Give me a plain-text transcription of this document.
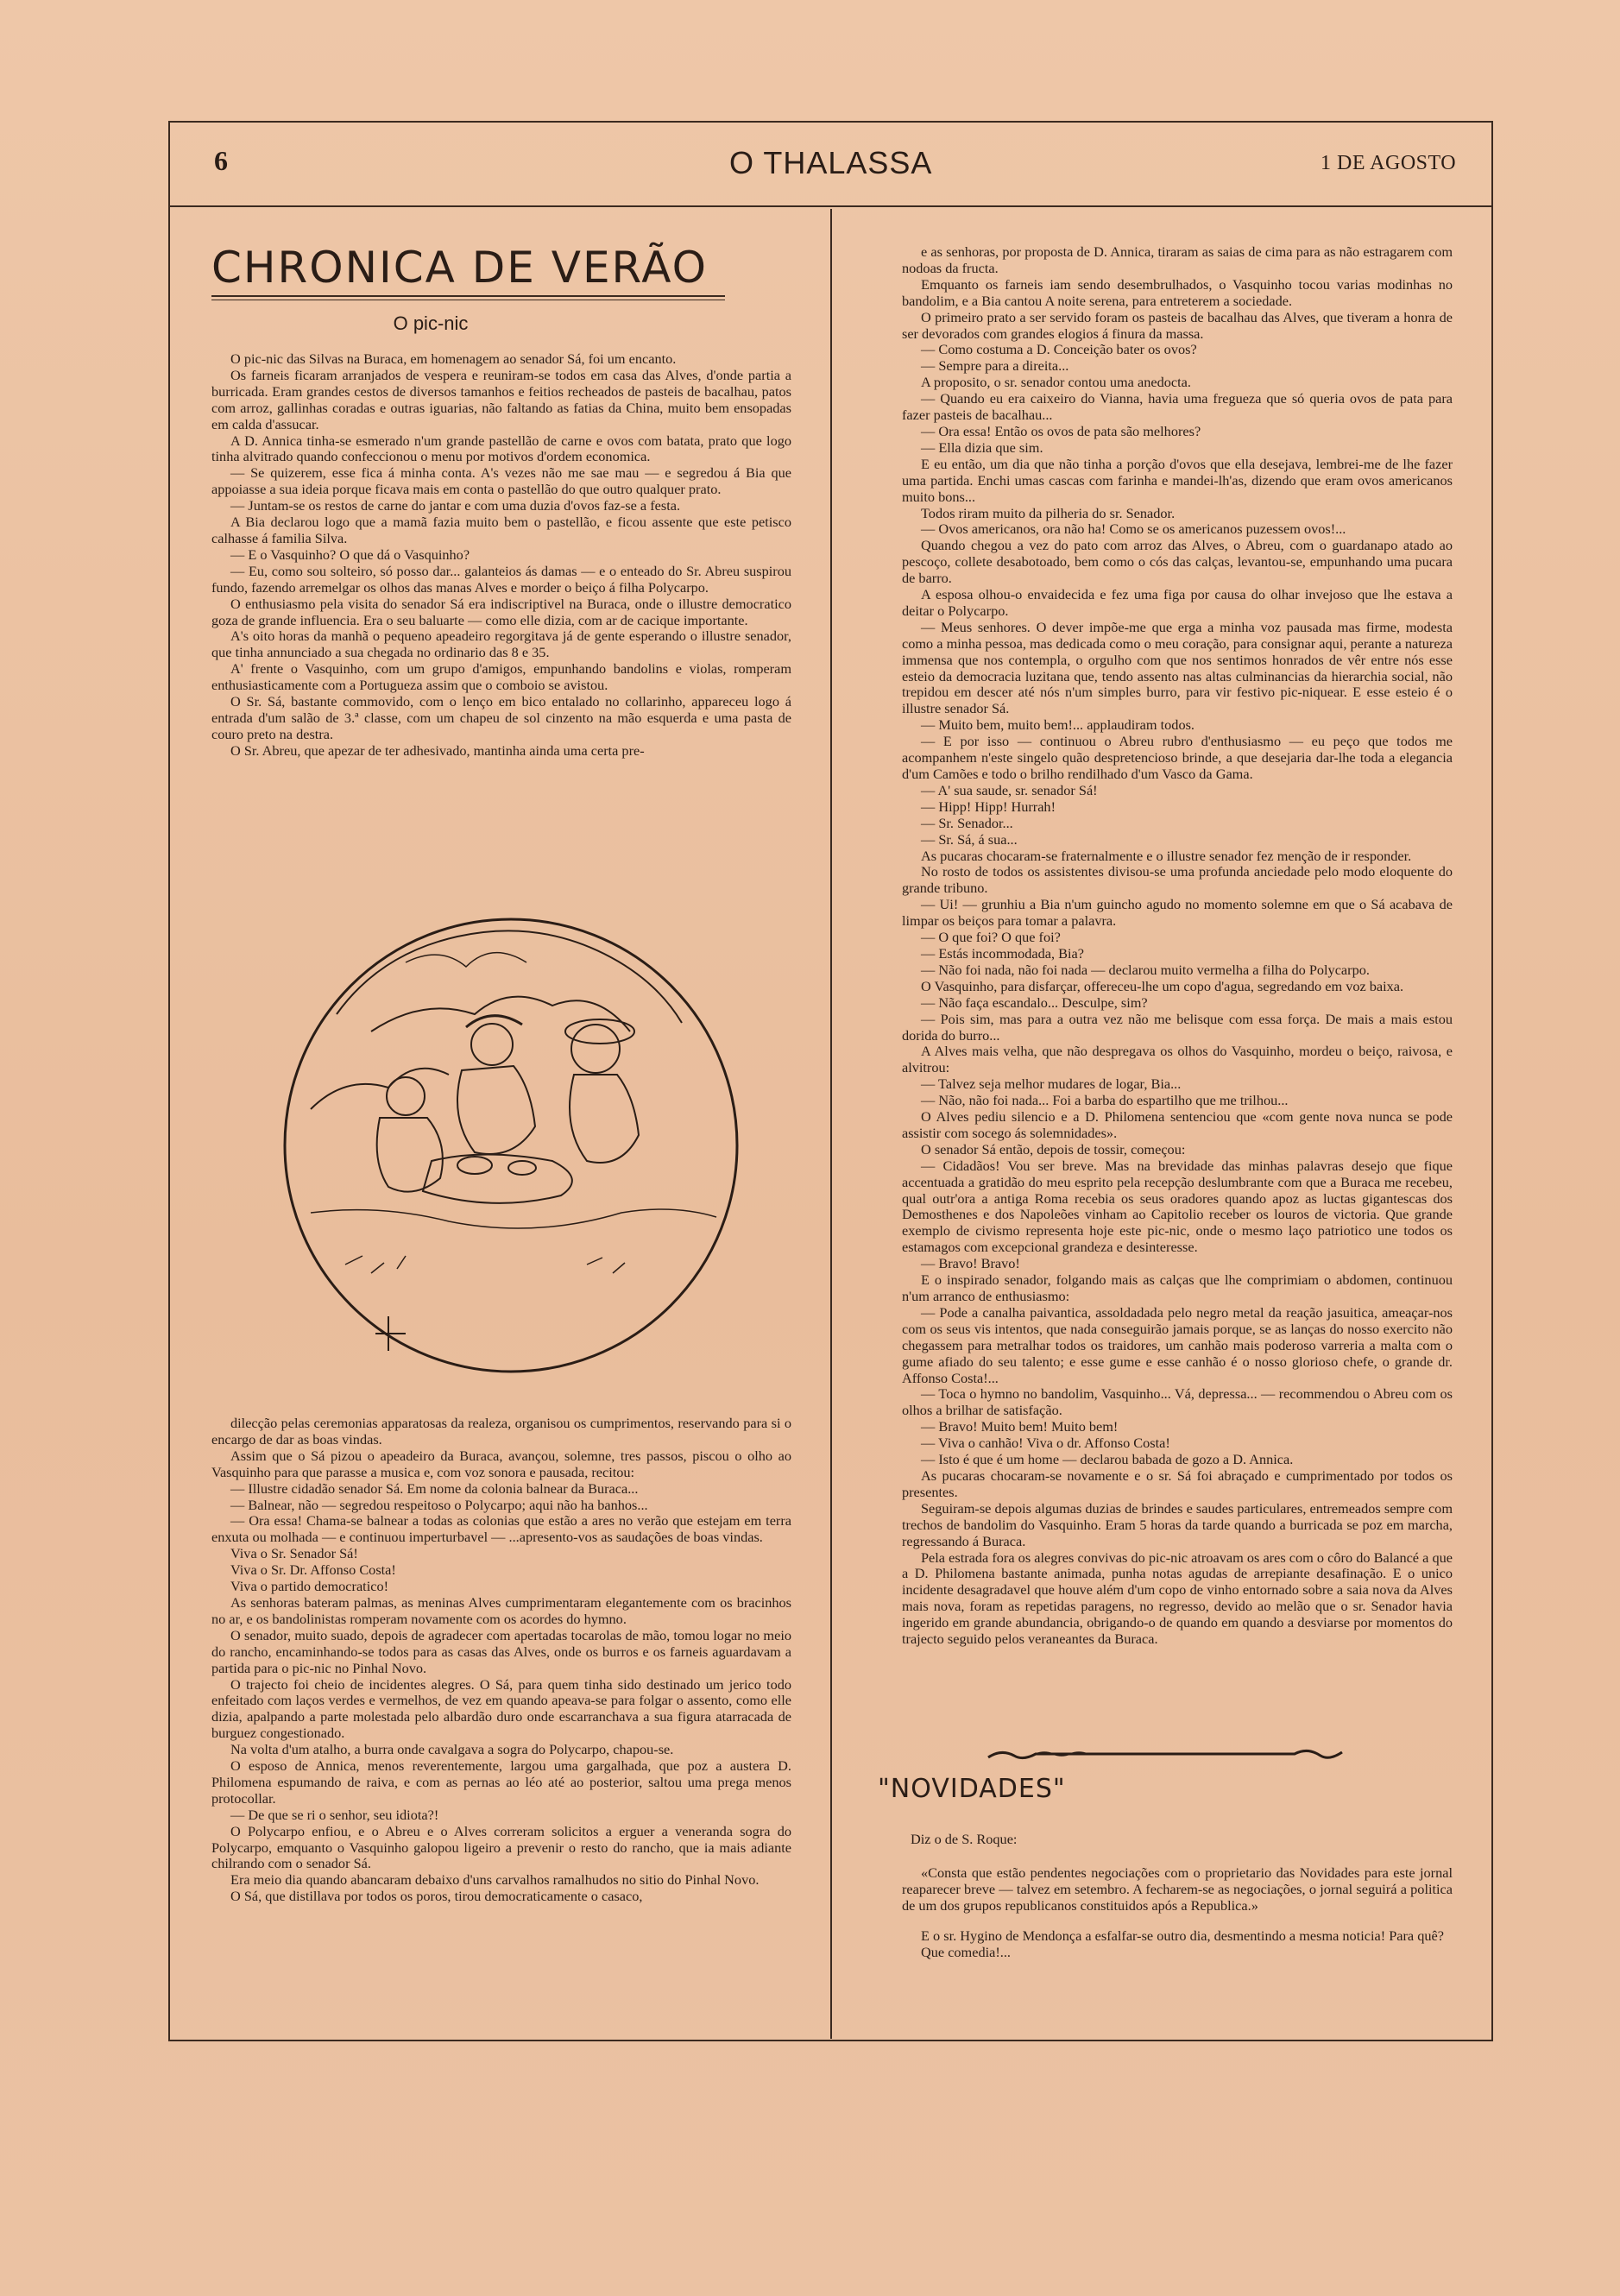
6	O THALASSA	1 DE AGOSTO
CHRONICA DE VERÃO
O pic-nic

O pic-nic das Silvas na Buraca, em homenagem ao senador Sá, foi um encanto.

Os farneis ficaram arranjados de vespera e reuniram-se todos em casa das Alves, d'onde partia a burricada. Eram grandes cestos de diversos tamanhos e feitios recheados de pasteis de bacalhau, patos com arroz, gallinhas coradas e outras iguarias, não faltando as fatias da China, muito bem ensopadas em calda d'assucar.

A D. Annica tinha-se esmerado n'um grande pastellão de carne e ovos com batata, prato que logo tinha alvitrado quando confeccionou o menu por motivos d'ordem economica.

— Se quizerem, esse fica á minha conta. A's vezes não me sae mau — e segredou á Bia que appoiasse a sua ideia porque ficava mais em conta o pastellão do que outro qualquer prato.

— Juntam-se os restos de carne do jantar e com uma duzia d'ovos faz-se a festa.

A Bia declarou logo que a mamã fazia muito bem o pastellão, e ficou assente que este petisco calhasse á familia Silva.

— E o Vasquinho? O que dá o Vasquinho?

— Eu, como sou solteiro, só posso dar... galanteios ás damas — e o enteado do Sr. Abreu suspirou fundo, fazendo arremelgar os olhos das manas Alves e morder o beiço á filha Polycarpo.

O enthusiasmo pela visita do senador Sá era indiscriptivel na Buraca, onde o illustre democratico goza de grande influencia. Era o seu baluarte — como elle dizia, com ar de cacique importante.

A's oito horas da manhã o pequeno apeadeiro regorgitava já de gente esperando o illustre senador, que tinha annunciado a sua chegada no ordinario das 8 e 35.

A' frente o Vasquinho, com um grupo d'amigos, empunhando bandolins e violas, romperam enthusiasticamente com a Portugueza assim que o comboio se avistou.

O Sr. Sá, bastante commovido, com o lenço em bico entalado no collarinho, appareceu logo á entrada d'um salão de 3.ª classe, com um chapeu de sol cinzento na mão esquerda e uma pasta de couro preto na destra.

O Sr. Abreu, que apezar de ter adhesivado, mantinha ainda uma certa pre-

dilecção pelas ceremonias apparatosas da realeza, organisou os cumprimentos, reservando para si o encargo de dar as boas vindas.

Assim que o Sá pizou o apeadeiro da Buraca, avançou, solemne, tres passos, piscou o olho ao Vasquinho para que parasse a musica e, com voz sonora e pausada, recitou:

— Illustre cidadão senador Sá. Em nome da colonia balnear da Buraca...

— Balnear, não — segredou respeitoso o Polycarpo; aqui não ha banhos...

— Ora essa! Chama-se balnear a todas as colonias que estão a ares no verão que estejam em terra enxuta ou molhada — e continuou imperturbavel — ...apresento-vos as saudações de boas vindas.

Viva o Sr. Senador Sá!

Viva o Sr. Dr. Affonso Costa!

Viva o partido democratico!

As senhoras bateram palmas, as meninas Alves cumprimentaram elegantemente com os bracinhos no ar, e os bandolinistas romperam novamente com os acordes do hymno.

O senador, muito suado, depois de agradecer com apertadas tocarolas de mão, tomou logar no meio do rancho, encaminhando-se todos para as casas das Alves, onde os burros e os farneis aguardavam a partida para o pic-nic no Pinhal Novo.

O trajecto foi cheio de incidentes alegres. O Sá, para quem tinha sido destinado um jerico todo enfeitado com laços verdes e vermelhos, de vez em quando apeava-se para folgar o assento, como elle dizia, apalpando a parte molestada pelo albardão duro onde escarranchava a sua figura atarracada de burguez congestionado.

Na volta d'um atalho, a burra onde cavalgava a sogra do Polycarpo, chapou-se.

O esposo de Annica, menos reverentemente, largou uma gargalhada, que poz a austera D. Philomena espumando de raiva, e com as pernas ao léo até ao posterior, saltou uma prega menos protocollar.

— De que se ri o senhor, seu idiota?!

O Polycarpo enfiou, e o Abreu e o Alves correram solicitos a erguer a veneranda sogra do Polycarpo, emquanto o Vasquinho galopou ligeiro a prevenir o resto do rancho, que ia mais adiante chilrando com o senador Sá.

Era meio dia quando abancaram debaixo d'uns carvalhos ramalhudos no sitio do Pinhal Novo.

O Sá, que distillava por todos os poros, tirou democraticamente o casaco,

e as senhoras, por proposta de D. Annica, tiraram as saias de cima para as não estragarem com nodoas da fructa.

Emquanto os farneis iam sendo desembrulhados, o Vasquinho tocou varias modinhas no bandolim, e a Bia cantou A noite serena, para entreterem a sociedade.

O primeiro prato a ser servido foram os pasteis de bacalhau das Alves, que tiveram a honra de ser devorados com grandes elogios á finura da massa.

— Como costuma a D. Conceição bater os ovos?

— Sempre para a direita...

A proposito, o sr. senador contou uma anedocta.

— Quando eu era caixeiro do Vianna, havia uma fregueza que só queria ovos de pata para fazer pasteis de bacalhau...

— Ora essa! Então os ovos de pata são melhores?

— Ella dizia que sim.

E eu então, um dia que não tinha a porção d'ovos que ella desejava, lembrei-me de lhe fazer uma partida. Enchi umas cascas com farinha e mandei-lh'as, dizendo que eram ovos americanos muito bons...

Todos riram muito da pilheria do sr. Senador.

— Ovos americanos, ora não ha! Como se os americanos puzessem ovos!...

Quando chegou a vez do pato com arroz das Alves, o Abreu, com o guardanapo atado ao pescoço, collete desabotoado, bem como o cós das calças, levantou-se, empunhando uma pucara de barro.

A esposa olhou-o envaidecida e fez uma figa por causa do olhar invejoso que lhe estava a deitar o Polycarpo.

— Meus senhores. O dever impõe-me que erga a minha voz pausada mas firme, modesta como a minha pessoa, mas dedicada como o meu coração, para consignar aqui, perante a natureza immensa que nos contempla, o orgulho com que nos sentimos honrados de vêr entre nós esse esteio da democracia luzitana que, tendo assento nas altas culminancias da hierarchia social, não trepidou em descer até nós n'um simples burro, para vir festivo pic-niquear. E esse esteio é o illustre senador Sá.

— Muito bem, muito bem!... applaudiram todos.

— E por isso — continuou o Abreu rubro d'enthusiasmo — eu peço que todos me acompanhem n'este singelo quão despretencioso brinde, a que desejaria dar-lhe toda a elegancia d'um Camões e todo o brilho rendilhado d'um Vasco da Gama.

— A' sua saude, sr. senador Sá!

— Hipp! Hipp! Hurrah!

— Sr. Senador...

— Sr. Sá, á sua...

As pucaras chocaram-se fraternalmente e o illustre senador fez menção de ir responder.

No rosto de todos os assistentes divisou-se uma profunda anciedade pelo modo eloquente do grande tribuno.

— Ui! — grunhiu a Bia n'um guincho agudo no momento solemne em que o Sá acabava de limpar os beiços para tomar a palavra.

— O que foi? O que foi?

— Estás incommodada, Bia?

— Não foi nada, não foi nada — declarou muito vermelha a filha do Polycarpo.

O Vasquinho, para disfarçar, offereceu-lhe um copo d'agua, segredando em voz baixa.

— Não faça escandalo... Desculpe, sim?

— Pois sim, mas para a outra vez não me belisque com essa força. De mais a mais estou dorida do burro...

A Alves mais velha, que não despregava os olhos do Vasquinho, mordeu o beiço, raivosa, e alvitrou:

— Talvez seja melhor mudares de logar, Bia...

— Não, não foi nada... Foi a barba do espartilho que me trilhou...

O Alves pediu silencio e a D. Philomena sentenciou que «com gente nova nunca se pode assistir com socego ás solemnidades».

O senador Sá então, depois de tossir, começou:

— Cidadãos! Vou ser breve. Mas na brevidade das minhas palavras desejo que fique accentuada a gratidão do meu esprito pela recepção deslumbrante com que a Buraca me recebeu, qual outr'ora a antiga Roma recebia os seus oradores quando apoz as luctas gigantescas dos Demosthenes e dos Napoleões vinham ao Capitolio receber os louros de victoria. Que grande exemplo de civismo representa hoje este pic-nic, onde o mesmo laço patriotico une todos os estamagos com excepcional grandeza e desinteresse.

— Bravo! Bravo!

E o inspirado senador, folgando mais as calças que lhe comprimiam o abdomen, continuou n'um arranco de enthusiasmo:

— Pode a canalha paivantica, assoldadada pelo negro metal da reação jasuitica, ameaçar-nos com os seus vis intentos, que nada conseguirão jamais porque, se as lanças do nosso exercito não chegassem para metralhar todos os traidores, um canhão mais poderoso varreria a malta com o gume afiado do seu talento; e esse gume e esse canhão é o nosso glorioso chefe, o grande dr. Affonso Costa!...

— Toca o hymno no bandolim, Vasquinho... Vá, depressa... — recommendou o Abreu com os olhos a brilhar de satisfação.

— Bravo! Muito bem! Muito bem!

— Viva o canhão! Viva o dr. Affonso Costa!

— Isto é que é um home — declarou babada de gozo a D. Annica.

As pucaras chocaram-se novamente e o sr. Sá foi abraçado e cumprimentado por todos os presentes.

Seguiram-se depois algumas duzias de brindes e saudes particulares, entremeados sempre com trechos de bandolim do Vasquinho. Eram 5 horas da tarde quando a burricada se poz em marcha, regressando á Buraca.

Pela estrada fora os alegres convivas do pic-nic atroavam os ares com o côro do Balancé a que a D. Philomena bastante animada, punha notas agudas de arrepiante desafinação. E o unico incidente desagradavel que houve além d'um copo de vinho entornado sobre a saia nova da Alves mais nova, foram as repetidas paragens, no regresso, devido ao melão que o sr. Senador havia ingerido em grande abundancia, obrigando-o de quando em quando a desviarse por momentos do trajecto seguido pelos veraneantes da Buraca.

"NOVIDADES"

Diz o de S. Roque:

«Consta que estão pendentes negociações com o proprietario das Novidades para este jornal reaparecer breve — talvez em setembro. A fecharem-se as negociações, o jornal seguirá a politica de um dos grupos republicanos constituidos após a Republica.»

E o sr. Hygino de Mendonça a esfalfar-se outro dia, desmentindo a mesma noticia! Para quê?

Que comedia!...
